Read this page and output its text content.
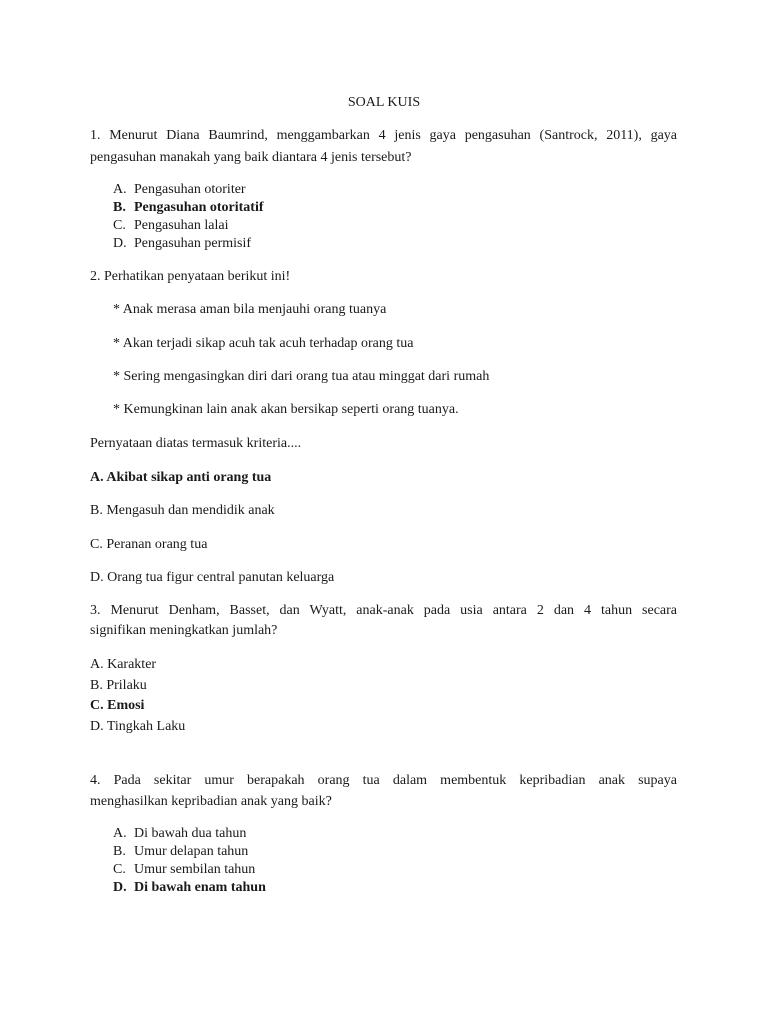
SOAL KUIS
1. Menurut Diana Baumrind, menggambarkan 4 jenis gaya pengasuhan (Santrock, 2011), gaya
pengasuhan manakah yang baik diantara 4 jenis tersebut?
A. Pengasuhan otoriter
B. Pengasuhan otoritatif
C. Pengasuhan lalai
D. Pengasuhan permisif
2. Perhatikan penyataan berikut ini!
* Anak merasa aman bila menjauhi orang tuanya
* Akan terjadi sikap acuh tak acuh terhadap orang tua
* Sering mengasingkan diri dari orang tua atau minggat dari rumah
* Kemungkinan lain anak akan bersikap seperti orang tuanya.
Pernyataan diatas termasuk kriteria....
A. Akibat sikap anti orang tua
B. Mengasuh dan mendidik anak
C. Peranan orang tua
D. Orang tua figur central panutan keluarga
3. Menurut Denham, Basset, dan Wyatt, anak-anak pada usia antara 2 dan 4 tahun secara
signifikan meningkatkan jumlah?
A. Karakter
B. Prilaku
C. Emosi
D. Tingkah Laku
4. Pada sekitar umur berapakah orang tua dalam membentuk kepribadian anak supaya
menghasilkan kepribadian anak yang baik?
A. Di bawah dua tahun
B. Umur delapan tahun
C. Umur sembilan tahun
D. Di bawah enam tahun
